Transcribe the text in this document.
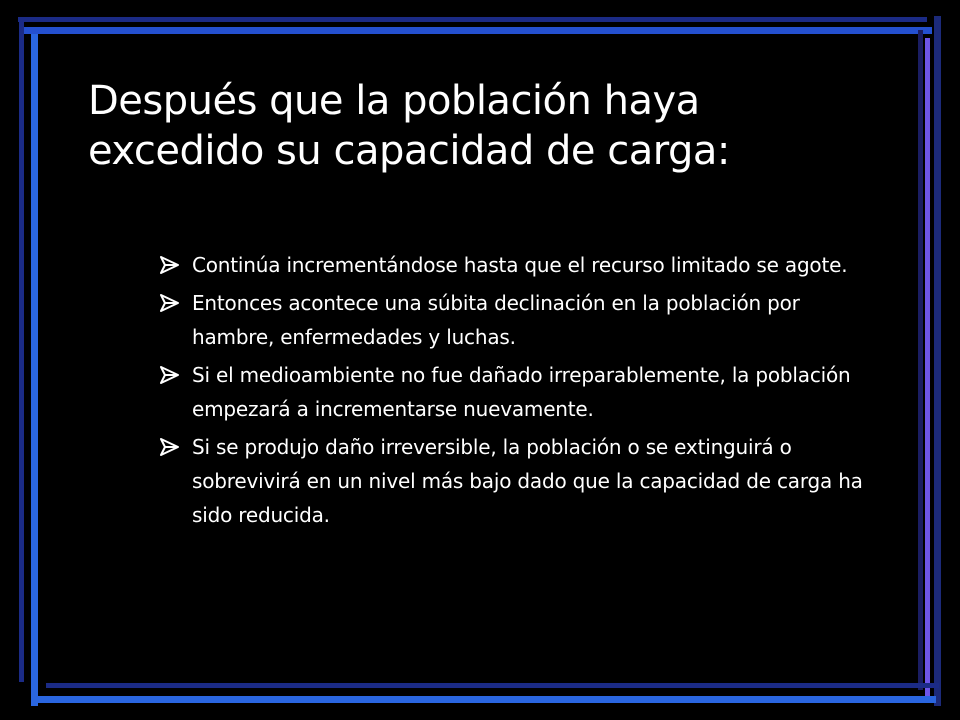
Después que la población haya
excedido su capacidad de carga:
Continúa incrementándose hasta que el recurso limitado se agote.
Entonces acontece una súbita declinación en la población por hambre, enfermedades y luchas.
Si el medioambiente no fue dañado irreparablemente, la población empezará a incrementarse nuevamente.
Si se produjo daño irreversible, la población o se extinguirá o sobrevivirá en un nivel más bajo dado que la capacidad de carga ha sido reducida.
